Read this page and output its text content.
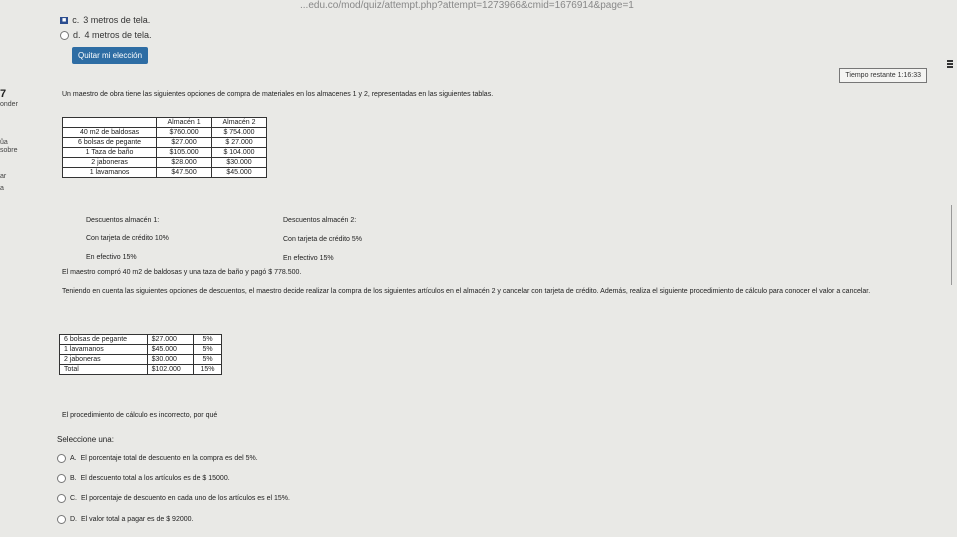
...edu.co/mod/quiz/attempt.php?attempt=1273966&cmid=1676914&page=1
■ c. 3 metros de tela.
d. 4 metros de tela.
Quitar mi elección
Tiempo restante 1:16:33
7
onder
ûa
sobre
ar
a
Un maestro de obra tiene las siguientes opciones de compra de materiales en los almacenes 1 y 2, representadas en las siguientes tablas.
	Almacén 1	Almacén 2
40 m2 de baldosas	$760.000	$ 754.000
6 bolsas de pegante	$27.000	$ 27.000
1 Taza de baño	$105.000	$ 104.000
2 jaboneras	$28.000	$30.000
1 lavamanos	$47.500	$45.000
Descuentos almacén 1:
Con tarjeta de crédito 10%
En efectivo 15%
Descuentos almacén 2:
Con tarjeta de crédito 5%
En efectivo 15%
El maestro compró 40 m2 de baldosas y una taza de baño y pagó $ 778.500.
Teniendo en cuenta las siguientes opciones de descuentos, el maestro decide realizar la compra de los siguientes artículos en el almacén 2 y cancelar con tarjeta de crédito. Además, realiza el siguiente procedimiento de cálculo para conocer el valor a cancelar.
6 bolsas de pegante	$27.000	5%
1 lavamanos	$45.000	5%
2 jaboneras	$30.000	5%
Total	$102.000	15%
El procedimiento de cálculo es incorrecto, por qué
Seleccione una:
A. El porcentaje total de descuento en la compra es del 5%.
B. El descuento total a los artículos es de $ 15000.
C. El porcentaje de descuento en cada uno de los artículos es el 15%.
D. El valor total a pagar es de $ 92000.
